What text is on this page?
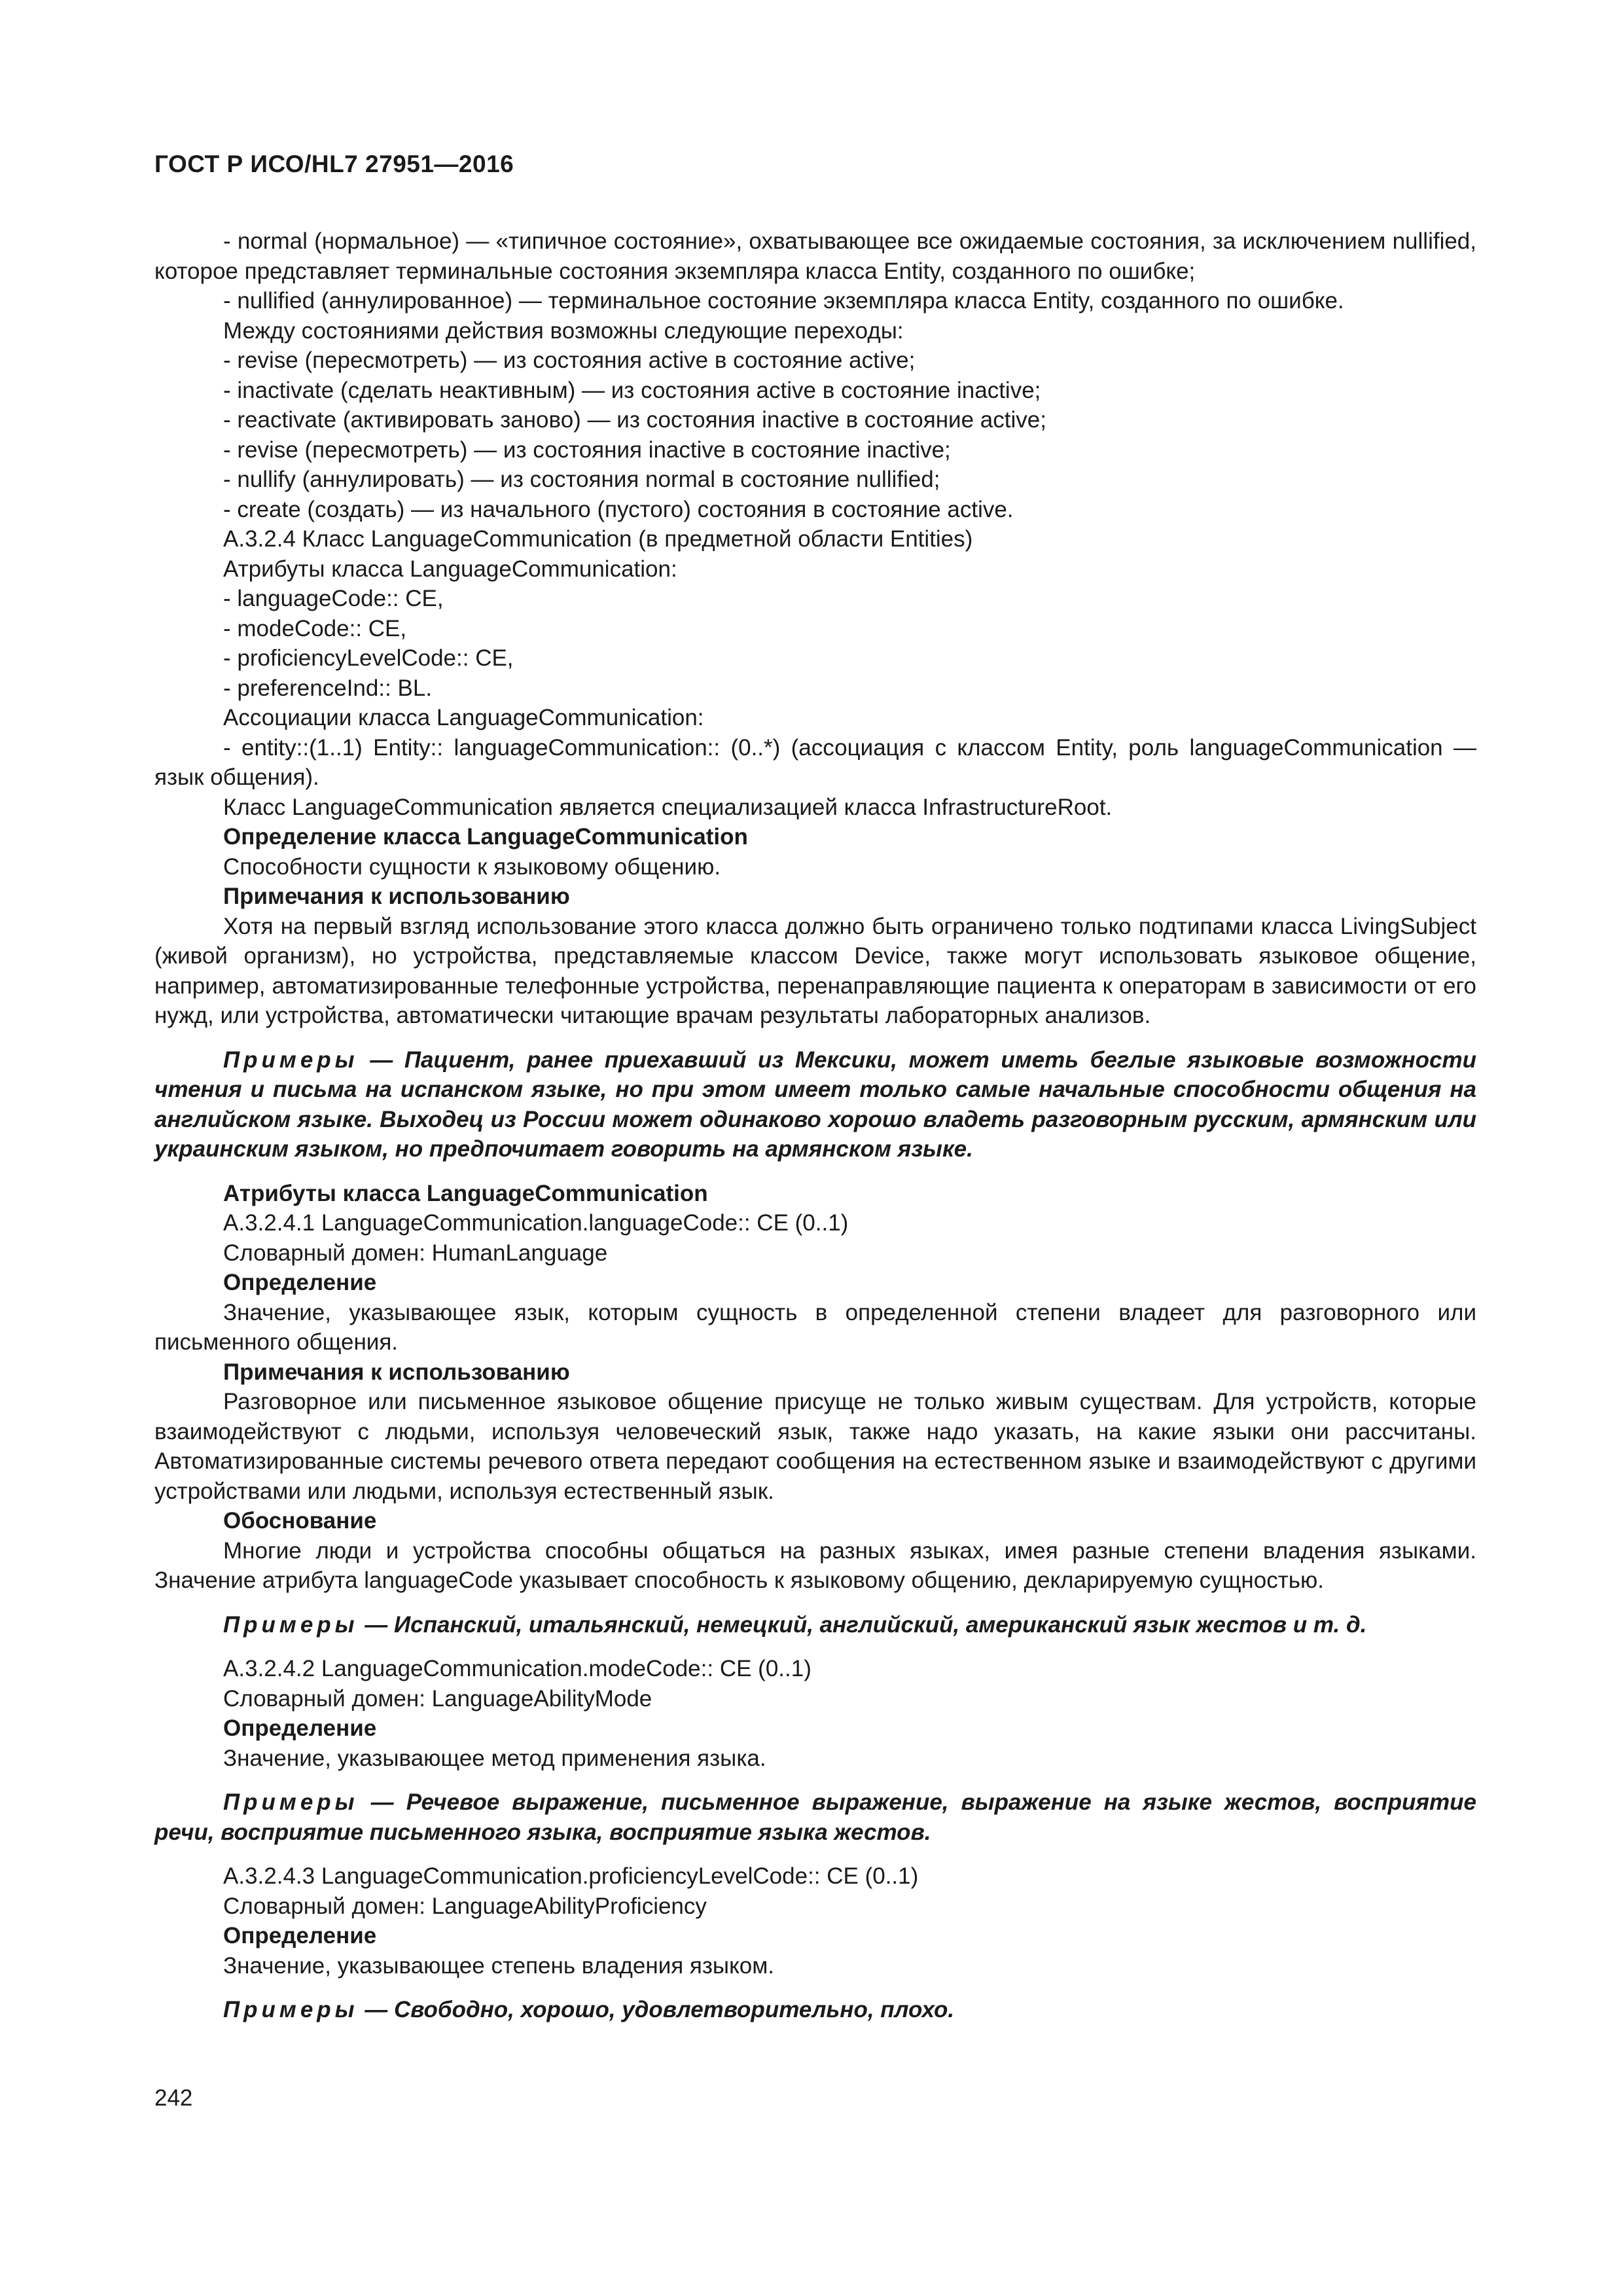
ГОСТ Р ИСО/HL7 27951—2016

- normal (нормальное) — «типичное состояние», охватывающее все ожидаемые состояния, за исключением nullified, которое представляет терминальные состояния экземпляра класса Entity, созданного по ошибке;

- nullified (аннулированное) — терминальное состояние экземпляра класса Entity, созданного по ошибке.

Между состояниями действия возможны следующие переходы:

- revise (пересмотреть) — из состояния active в состояние active;

- inactivate (сделать неактивным) — из состояния active в состояние inactive;

- reactivate (активировать заново) — из состояния inactive в состояние active;

- revise (пересмотреть) — из состояния inactive в состояние inactive;

- nullify (аннулировать) — из состояния normal в состояние nullified;

- create (создать) — из начального (пустого) состояния в состояние active.

А.3.2.4 Класс LanguageCommunication (в предметной области Entities)

Атрибуты класса LanguageCommunication:

- languageCode:: CE,

- modeCode:: CE,

- proficiencyLevelCode:: CE,

- preferenceInd:: BL.

Ассоциации класса LanguageCommunication:

- entity::(1..1) Entity:: languageCommunication:: (0..*) (ассоциация с классом Entity, роль languageCommunication — язык общения).

Класс LanguageCommunication является специализацией класса InfrastructureRoot.

Определение класса LanguageCommunication

Способности сущности к языковому общению.

Примечания к использованию

Хотя на первый взгляд использование этого класса должно быть ограничено только подтипами класса LivingSubject (живой организм), но устройства, представляемые классом Device, также могут использовать языковое общение, например, автоматизированные телефонные устройства, перенаправляющие пациента к операторам в зависимости от его нужд, или устройства, автоматически читающие врачам результаты лабораторных анализов.

Примеры — Пациент, ранее приехавший из Мексики, может иметь беглые языковые возможности чтения и письма на испанском языке, но при этом имеет только самые начальные способности общения на английском языке. Выходец из России может одинаково хорошо владеть разговорным русским, армянским или украинским языком, но предпочитает говорить на армянском языке.

Атрибуты класса LanguageCommunication

А.3.2.4.1 LanguageCommunication.languageCode:: CE (0..1)

Словарный домен: HumanLanguage

Определение

Значение, указывающее язык, которым сущность в определенной степени владеет для разговорного или письменного общения.

Примечания к использованию

Разговорное или письменное языковое общение присуще не только живым существам. Для устройств, которые взаимодействуют с людьми, используя человеческий язык, также надо указать, на какие языки они рассчитаны. Автоматизированные системы речевого ответа передают сообщения на естественном языке и взаимодействуют с другими устройствами или людьми, используя естественный язык.

Обоснование

Многие люди и устройства способны общаться на разных языках, имея разные степени владения языками. Значение атрибута languageCode указывает способность к языковому общению, декларируемую сущностью.

Примеры — Испанский, итальянский, немецкий, английский, американский язык жестов и т. д.

А.3.2.4.2 LanguageCommunication.modeCode:: CE (0..1)

Словарный домен: LanguageAbilityMode

Определение

Значение, указывающее метод применения языка.

Примеры — Речевое выражение, письменное выражение, выражение на языке жестов, восприятие речи, восприятие письменного языка, восприятие языка жестов.

А.3.2.4.3 LanguageCommunication.proficiencyLevelCode:: CE (0..1)

Словарный домен: LanguageAbilityProficiency

Определение

Значение, указывающее степень владения языком.

Примеры — Свободно, хорошо, удовлетворительно, плохо.

242
